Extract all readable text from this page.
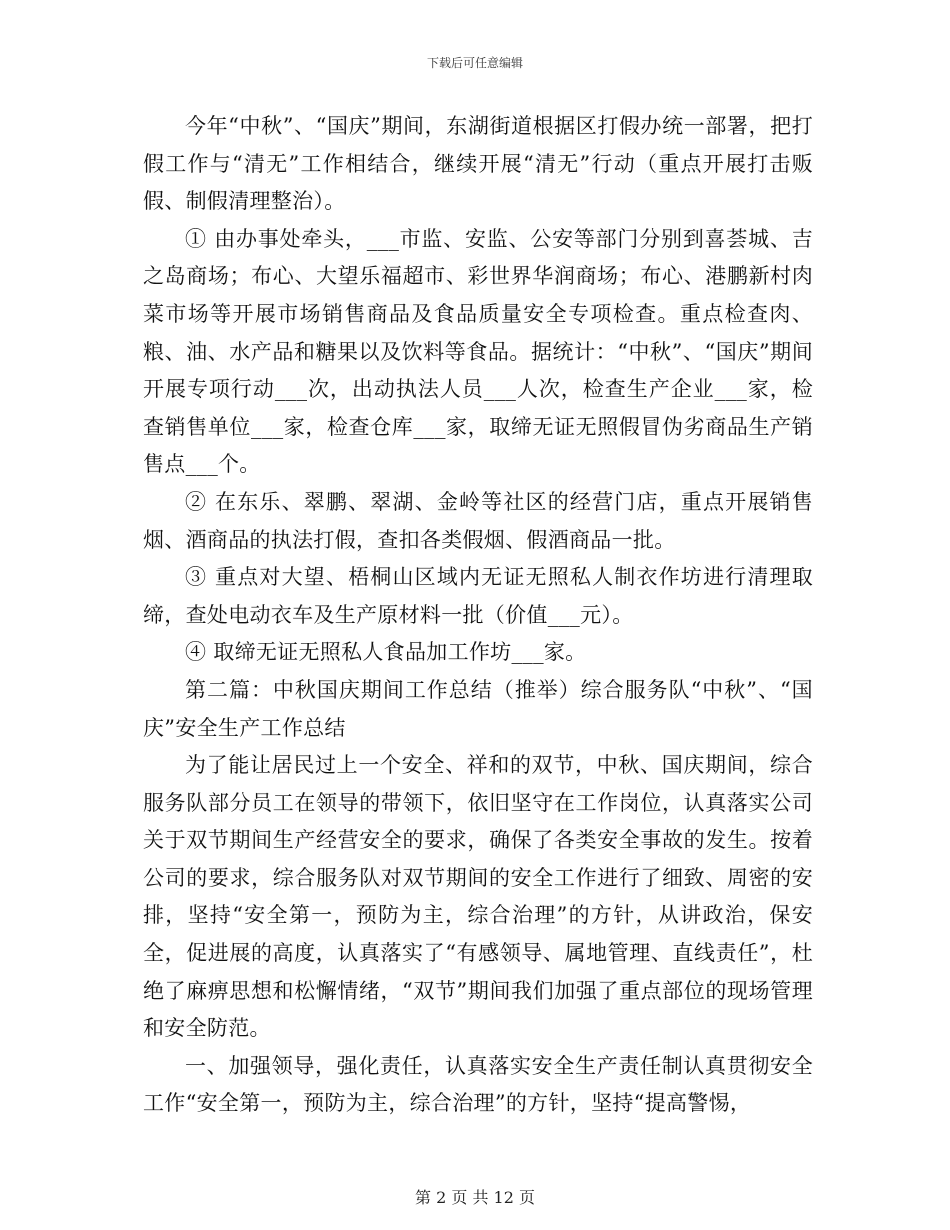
下载后可任意编辑

今年“中秋”、“国庆”期间，东湖街道根据区打假办统一部署，把打假工作与“清无”工作相结合，继续开展“清无”行动（重点开展打击贩假、制假清理整治）。

① 由办事处牵头，___市监、安监、公安等部门分别到喜荟城、吉之岛商场；布心、大望乐福超市、彩世界华润商场；布心、港鹏新村肉菜市场等开展市场销售商品及食品质量安全专项检查。重点检查肉、粮、油、水产品和糖果以及饮料等食品。据统计：“中秋”、“国庆”期间开展专项行动___次，出动执法人员___人次，检查生产企业___家，检查销售单位___家，检查仓库___家，取缔无证无照假冒伪劣商品生产销售点___个。

② 在东乐、翠鹏、翠湖、金岭等社区的经营门店，重点开展销售烟、酒商品的执法打假，查扣各类假烟、假酒商品一批。

③ 重点对大望、梧桐山区域内无证无照私人制衣作坊进行清理取缔，查处电动衣车及生产原材料一批（价值___元）。

④ 取缔无证无照私人食品加工作坊___家。

第二篇：中秋国庆期间工作总结（推举）综合服务队“中秋”、“国庆”安全生产工作总结

为了能让居民过上一个安全、祥和的双节，中秋、国庆期间，综合服务队部分员工在领导的带领下，依旧坚守在工作岗位，认真落实公司关于双节期间生产经营安全的要求，确保了各类安全事故的发生。按着公司的要求，综合服务队对双节期间的安全工作进行了细致、周密的安排，坚持“安全第一，预防为主，综合治理”的方针，从讲政治，保安全，促进展的高度，认真落实了“有感领导、属地管理、直线责任”，杜绝了麻痹思想和松懈情绪，“双节”期间我们加强了重点部位的现场管理和安全防范。

一、加强领导，强化责任，认真落实安全生产责任制认真贯彻安全工作“安全第一，预防为主，综合治理”的方针，坚持“提高警惕，

第 2 页 共 12 页
